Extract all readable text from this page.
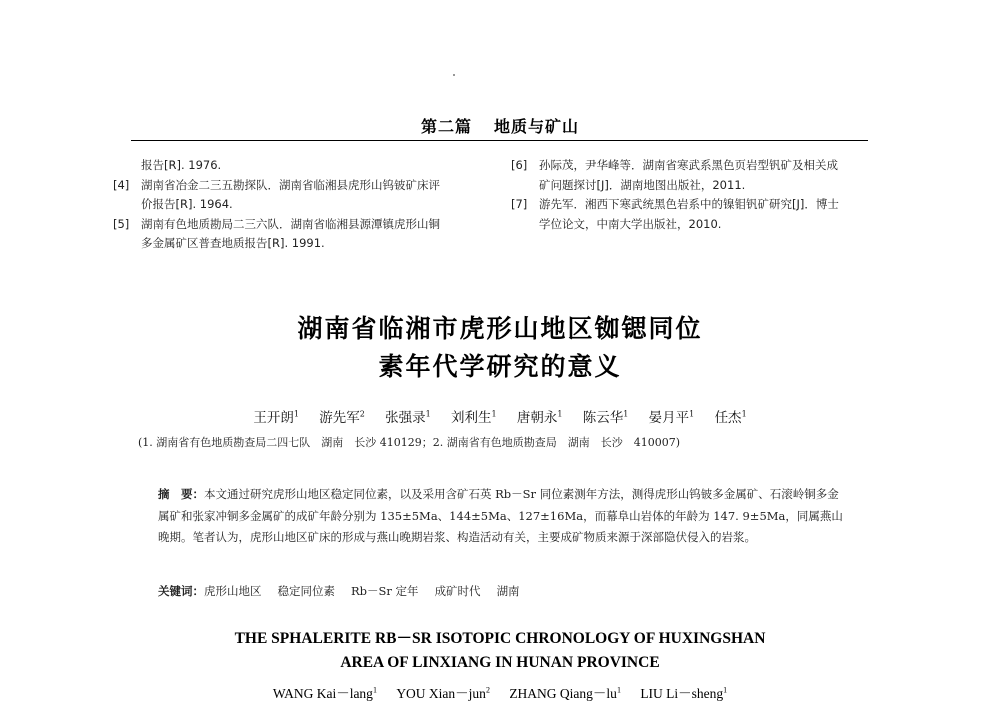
第二篇 地质与矿山
报告[R]. 1976.
[4]	湖南省冶金二三五勘探队．湖南省临湘县虎形山钨铍矿床评
价报告[R]. 1964.
[5]	湖南有色地质勘局二三六队．湖南省临湘县源潭镇虎形山铜
多金属矿区普查地质报告[R]. 1991.
[6]	孙际茂，尹华峰等．湖南省寒武系黑色页岩型钒矿及相关成
矿问题探讨[J]．湖南地图出版社，2011.
[7]	游先军．湘西下寒武统黑色岩系中的镍钼钒矿研究[J]．博士
学位论文，中南大学出版社，2010.
湖南省临湘市虎形山地区铷锶同位
素年代学研究的意义
王开朗$^1$ 游先军$^2$ 张强录$^1$ 刘利生$^1$ 唐朝永$^1$ 陈云华$^1$ 晏月平$^1$ 任杰$^1$
(1. 湖南省有色地质勘查局二四七队　湖南　长沙 410129；2. 湖南省有色地质勘查局　湖南　长沙　410007)

摘　要：本文通过研究虎形山地区稳定同位素，以及采用含矿石英 Rb－Sr 同位素测年方法，测得虎形山钨铍多金属矿、石滚岭铜多金属矿和张家冲铜多金属矿的成矿年龄分别为 135±5Ma、144±5Ma、127±16Ma，而幕阜山岩体的年龄为 147. 9±5Ma，同属燕山晚期。笔者认为，虎形山地区矿床的形成与燕山晚期岩浆、构造活动有关，主要成矿物质来源于深部隐伏侵入的岩浆。

关键词：虎形山地区 稳定同位素 Rb－Sr 定年 成矿时代 湖南
THE SPHALERITE RB－SR ISOTOPIC CHRONOLOGY OF HUXINGSHAN
AREA OF LINXIANG IN HUNAN PROVINCE
WANG Kai－lang$^1$ YOU Xian－jun$^2$ ZHANG $Qiang-lu^1$ LIU Li－sheng$^1$
